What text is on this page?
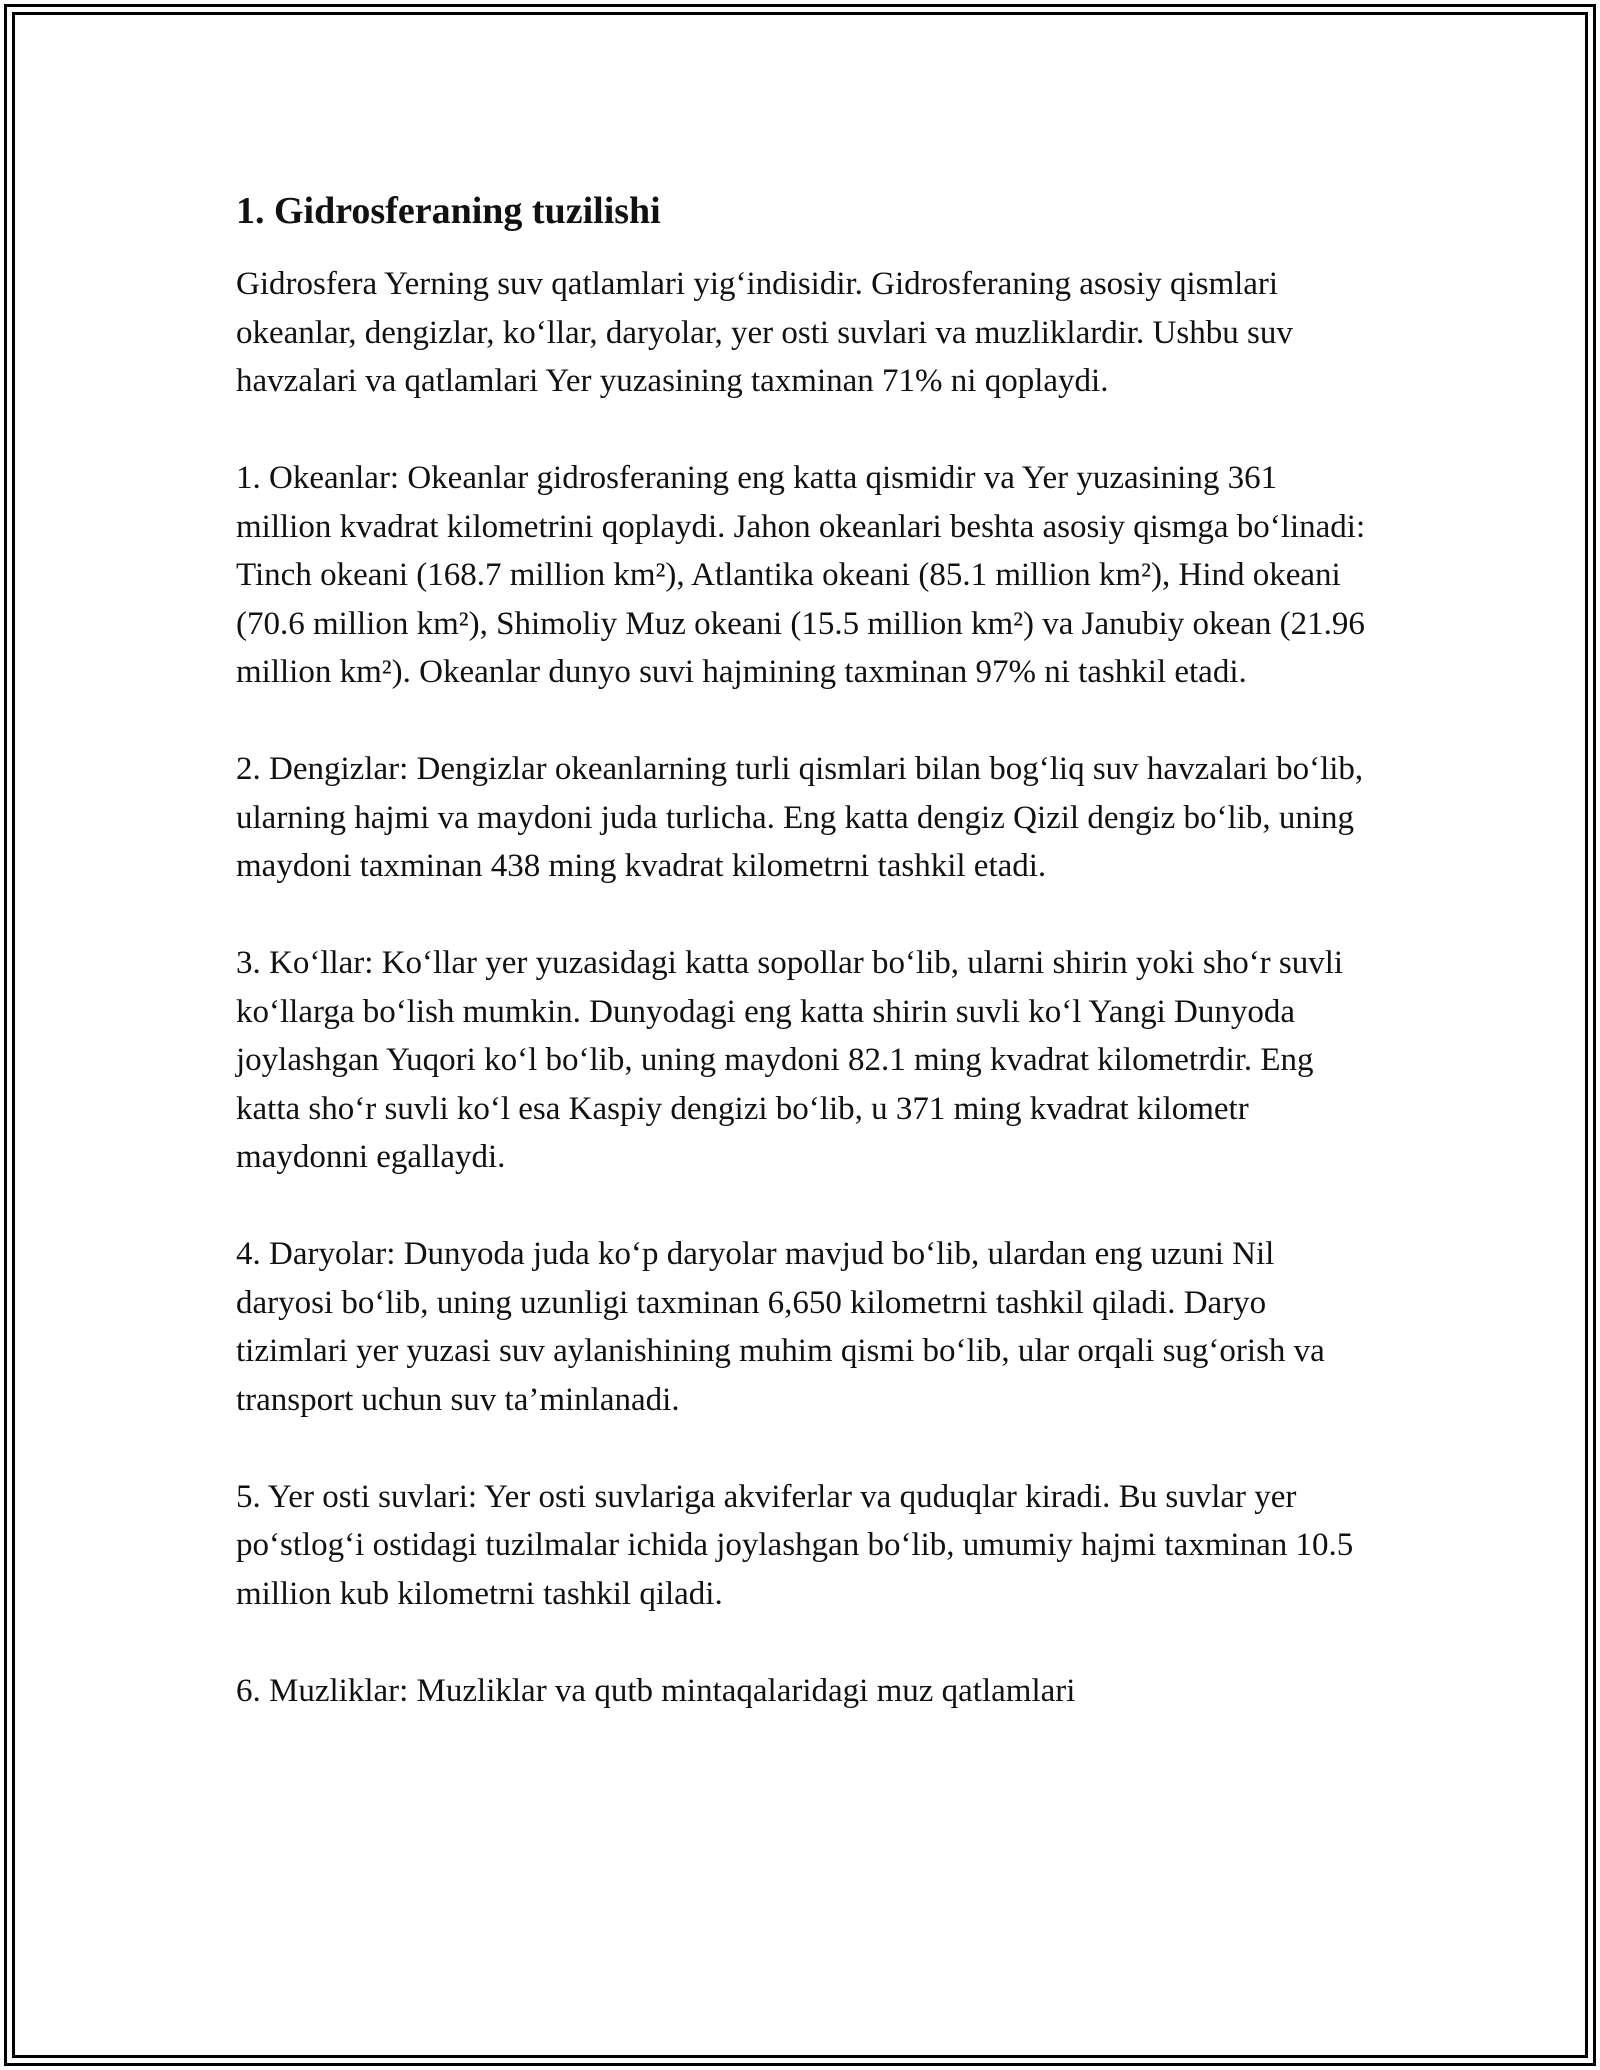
1. Gidrosferaning tuzilishi

Gidrosfera Yerning suv qatlamlari yig‘indisidir. Gidrosferaning asosiy qismlari okeanlar, dengizlar, ko‘llar, daryolar, yer osti suvlari va muzliklardir. Ushbu suv havzalari va qatlamlari Yer yuzasining taxminan 71% ni qoplaydi.

1. Okeanlar: Okeanlar gidrosferaning eng katta qismidir va Yer yuzasining 361 million kvadrat kilometrini qoplaydi. Jahon okeanlari beshta asosiy qismga bo‘linadi: Tinch okeani (168.7 million km²), Atlantika okeani (85.1 million km²), Hind okeani (70.6 million km²), Shimoliy Muz okeani (15.5 million km²) va Janubiy okean (21.96 million km²). Okeanlar dunyo suvi hajmining taxminan 97% ni tashkil etadi.

2. Dengizlar: Dengizlar okeanlarning turli qismlari bilan bog‘liq suv havzalari bo‘lib, ularning hajmi va maydoni juda turlicha. Eng katta dengiz Qizil dengiz bo‘lib, uning maydoni taxminan 438 ming kvadrat kilometrni tashkil etadi.

3. Ko‘llar: Ko‘llar yer yuzasidagi katta sopollar bo‘lib, ularni shirin yoki sho‘r suvli ko‘llarga bo‘lish mumkin. Dunyodagi eng katta shirin suvli ko‘l Yangi Dunyoda joylashgan Yuqori ko‘l bo‘lib, uning maydoni 82.1 ming kvadrat kilometrdir. Eng katta sho‘r suvli ko‘l esa Kaspiy dengizi bo‘lib, u 371 ming kvadrat kilometr maydonni egallaydi.

4. Daryolar: Dunyoda juda ko‘p daryolar mavjud bo‘lib, ulardan eng uzuni Nil daryosi bo‘lib, uning uzunligi taxminan 6,650 kilometrni tashkil qiladi. Daryo tizimlari yer yuzasi suv aylanishining muhim qismi bo‘lib, ular orqali sug‘orish va transport uchun suv ta’minlanadi.

5. Yer osti suvlari: Yer osti suvlariga akviferlar va quduqlar kiradi. Bu suvlar yer po‘stlog‘i ostidagi tuzilmalar ichida joylashgan bo‘lib, umumiy hajmi taxminan 10.5 million kub kilometrni tashkil qiladi.

6. Muzliklar: Muzliklar va qutb mintaqalaridagi muz qatlamlari
